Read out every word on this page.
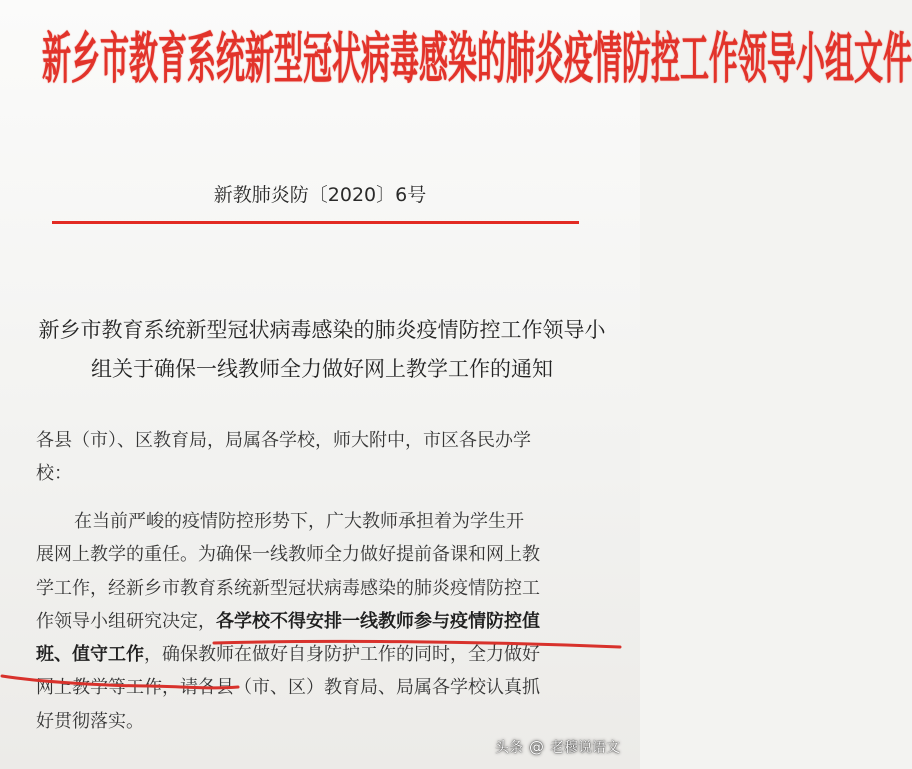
新乡市教育系统新型冠状病毒感染的肺炎疫情防控工作领导小组文件
新教肺炎防〔2020〕6号
新乡市教育系统新型冠状病毒感染的肺炎疫情防控工作领导小
组关于确保一线教师全力做好网上教学工作的通知
各县（市）、区教育局，局属各学校，师大附中，市区各民办学
校：
在当前严峻的疫情防控形势下，广大教师承担着为学生开
展网上教学的重任。为确保一线教师全力做好提前备课和网上教
学工作，经新乡市教育系统新型冠状病毒感染的肺炎疫情防控工
作领导小组研究决定，各学校不得安排一线教师参与疫情防控值
班、值守工作，确保教师在做好自身防护工作的同时，全力做好
网上教学等工作，请各县（市、区）教育局、局属各学校认真抓
好贯彻落实。
头条 @ 老穆说语文
